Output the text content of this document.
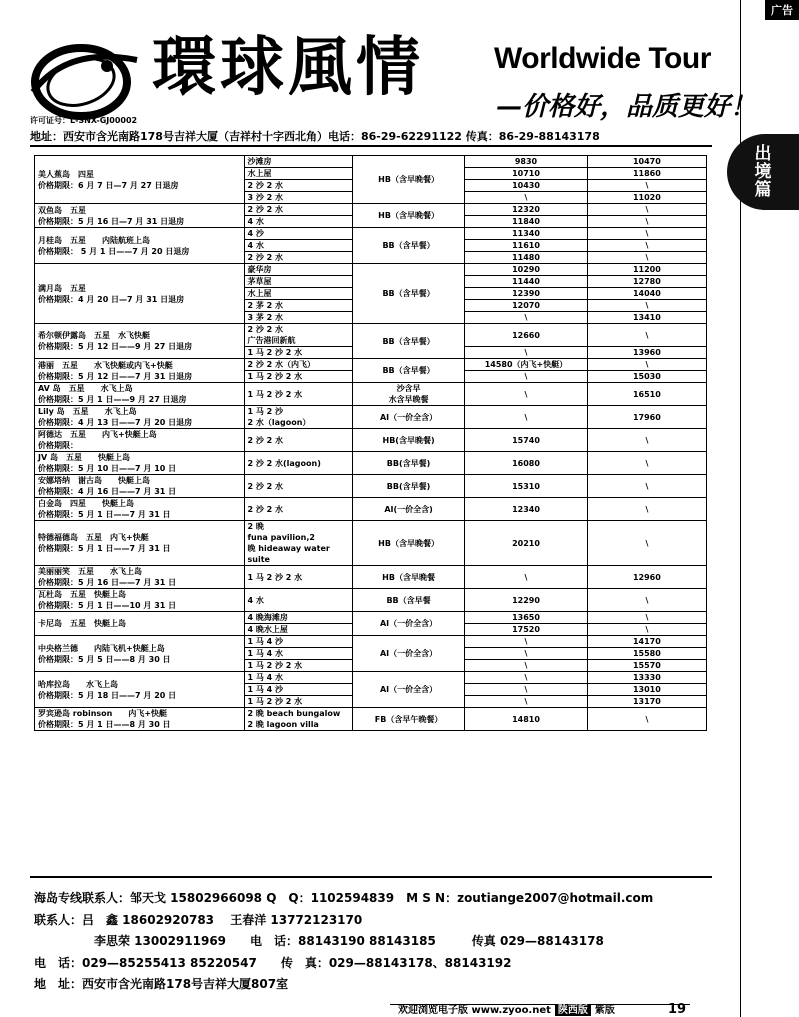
广告
出
境
篇
環球風情 Worldwide Tour
—价格好，品质更好！
许可证号：L-SNX-GJ00002
地址：西安市含光南路178号吉祥大厦（吉祥村十字西北角）电话：86-29-62291122 传真：86-29-88143178
美人蕉岛　四星
价格期限：6 月 7 日—7 月 27 日退房	沙滩房	HB（含早晚餐）	9830	10470
	水上屋		10710	11860
	2 沙 2 水		10430	\
	3 沙 2 水		\	11020

双鱼岛　五星
价格期限：5 月 16 日—7 月 31 日退房	2 沙 2 水	HB（含早晚餐）	12320	\
	4 水		11840	\

月桂岛　五星　　内陆航班上岛
价格期限： 5 月 1 日——7 月 20 日退房	4 沙	BB（含早餐）	11340	\
	4 水		11610	\
	2 沙 2 水		11480	\

满月岛　五星
价格期限：4 月 20 日—7 月 31 日退房	豪华房	BB（含早餐）	10290	11200
	茅草屋		11440	12780
	水上屋		12390	14040
	2 茅 2 水		12070	\
	3 茅 2 水		\	13410

希尔顿伊露岛　五星　水飞快艇
价格期限：5 月 12 日——9 月 27 日退房	2 沙 2 水
广告港回新航	BB（含早餐）	12660	\
	1 马 2 沙 2 水		\	13960

港丽　五星　　水飞快艇或内飞+快艇
价格期限：5 月 12 日——7 月 31 日退房	2 沙 2 水（内飞）	BB（含早餐）	14580（内飞+快艇）	\
	1 马 2 沙 2 水		\	15030

AV 岛　五星　　水飞上岛
价格期限：5 月 1 日——9 月 27 日退房	1 马 2 沙 2 水	沙含早
水含早晚餐	\	16510

Lily 岛　五星　　水飞上岛
价格期限：4 月 13 日——7 月 20 日退房	1 马 2 沙
2 水（lagoon）	AI（一价全含）	\	17960

阿德达　五星　　内飞+快艇上岛
价格期限：	2 沙 2 水	HB(含早晚餐)	15740	\

JV 岛　五星　　快艇上岛
价格期限：5 月 10 日——7 月 10 日	2 沙 2 水(lagoon)	BB(含早餐)	16080	\

安娜塔纳　谢古岛　　快艇上岛
价格期限：4 月 16 日——7 月 31 日	2 沙 2 水	BB(含早餐)	15310	\

白金岛　四星　　快艇上岛
价格期限：5 月 1 日——7 月 31 日	2 沙 2 水	AI(一价全含)	12340	\

特德福德岛　五星　内飞+快艇
价格期限：5 月 1 日——7 月 31 日	2 晚
funa pavilion,2
晚 hideaway water
suite	HB（含早晚餐）	20210	\

美丽丽笑　五星　　水飞上岛
价格期限：5 月 16 日——7 月 31 日	1 马 2 沙 2 水	HB（含早晚餐	\	12960

瓦杜岛　五星　快艇上岛
价格期限：5 月 1 日——10 月 31 日	4 水	BB（含早餐	12290	\

卡尼岛　五星　快艇上岛	4 晚海滩房	AI（一价全含）	13650	\
	4 晚水上屋		17520	\

中央格兰德　　内陆飞机+快艇上岛
价格期限：5 月 5 日——8 月 30 日	1 马 4 沙	AI（一价全含）	\	14170
	1 马 4 水		\	15580
	1 马 2 沙 2 水		\	15570

哈库拉岛　　水飞上岛
价格期限：5 月 18 日——7 月 20 日	1 马 4 水	AI（一价全含）	\	13330
	1 马 4 沙		\	13010
	1 马 2 沙 2 水		\	13170

罗宾逊岛 robinson　　内飞+快艇
价格期限：5 月 1 日——8 月 30 日	2 晚 beach bungalow
2 晚 lagoon villa	FB（含早午晚餐）	14810	\
海岛专线联系人：邹天戈 15802966098 Q　Q：1102594839　M S N：zoutiange2007@hotmail.com
联系人：吕　鑫 18602920783　 王春洋 13772123170
　　　　　李思荣 13002911969　　电　话：88143190 88143185　　　传真 029—88143178
电　话：029—85255413 85220547　　传　真：029—88143178、88143192
地　址：西安市含光南路178号吉祥大厦807室
欢迎浏览电子版 www.zyoo.net 陕西版 紫版	19
